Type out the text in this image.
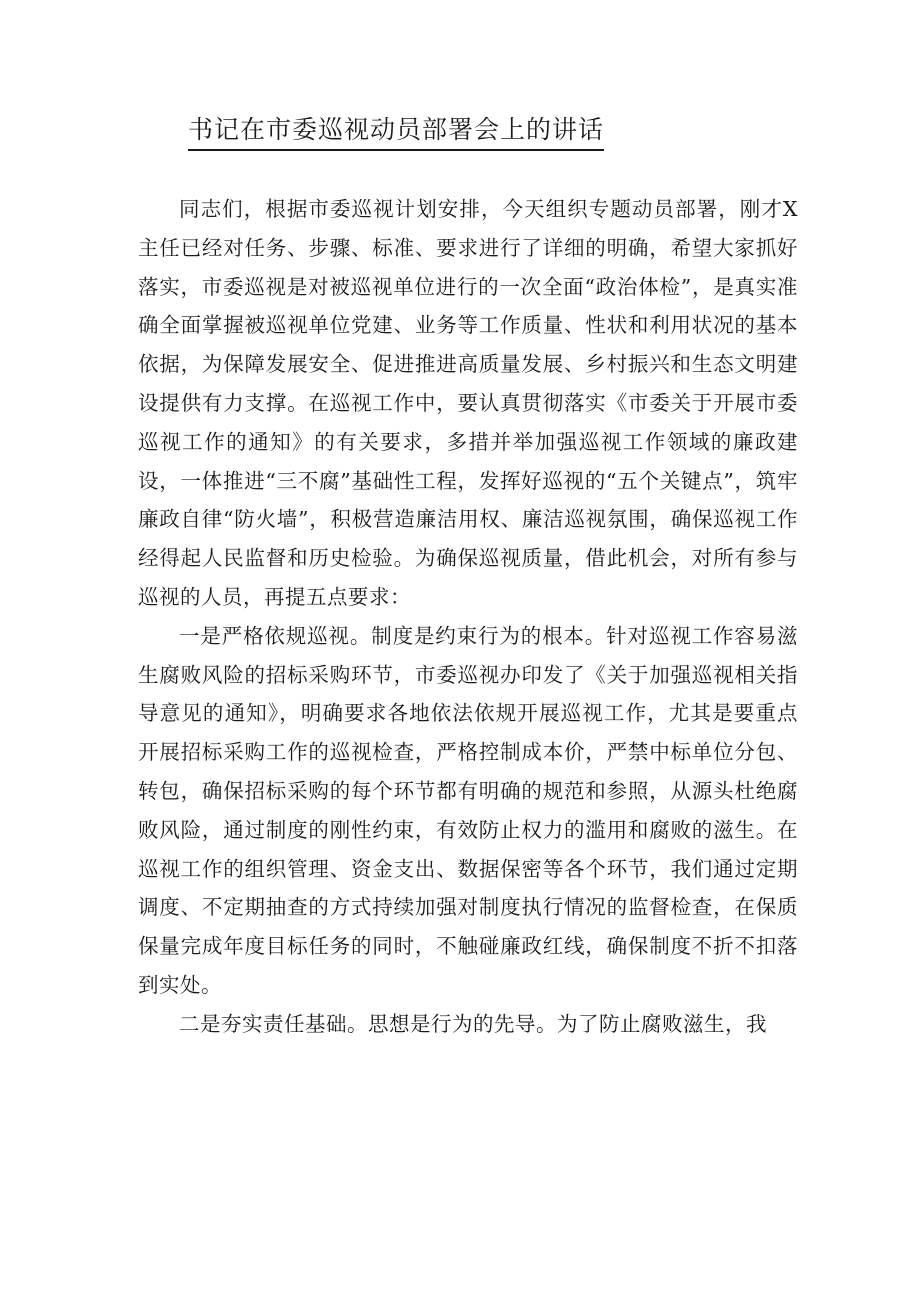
书记在市委巡视动员部署会上的讲话

同志们，根据市委巡视计划安排，今天组织专题动员部署，刚才X主任已经对任务、步骤、标准、要求进行了详细的明确，希望大家抓好落实，市委巡视是对被巡视单位进行的一次全面“政治体检”，是真实准确全面掌握被巡视单位党建、业务等工作质量、性状和利用状况的基本依据，为保障发展安全、促进推进高质量发展、乡村振兴和生态文明建设提供有力支撑。在巡视工作中，要认真贯彻落实《市委关于开展市委巡视工作的通知》的有关要求，多措并举加强巡视工作领域的廉政建设，一体推进“三不腐”基础性工程，发挥好巡视的“五个关键点”，筑牢廉政自律“防火墙”，积极营造廉洁用权、廉洁巡视氛围，确保巡视工作经得起人民监督和历史检验。为确保巡视质量，借此机会，对所有参与巡视的人员，再提五点要求：

一是严格依规巡视。制度是约束行为的根本。针对巡视工作容易滋生腐败风险的招标采购环节，市委巡视办印发了《关于加强巡视相关指导意见的通知》，明确要求各地依法依规开展巡视工作，尤其是要重点开展招标采购工作的巡视检查，严格控制成本价，严禁中标单位分包、转包，确保招标采购的每个环节都有明确的规范和参照，从源头杜绝腐败风险，通过制度的刚性约束，有效防止权力的滥用和腐败的滋生。在巡视工作的组织管理、资金支出、数据保密等各个环节，我们通过定期调度、不定期抽查的方式持续加强对制度执行情况的监督检查，在保质保量完成年度目标任务的同时，不触碰廉政红线，确保制度不折不扣落到实处。

二是夯实责任基础。思想是行为的先导。为了防止腐败滋生，我
